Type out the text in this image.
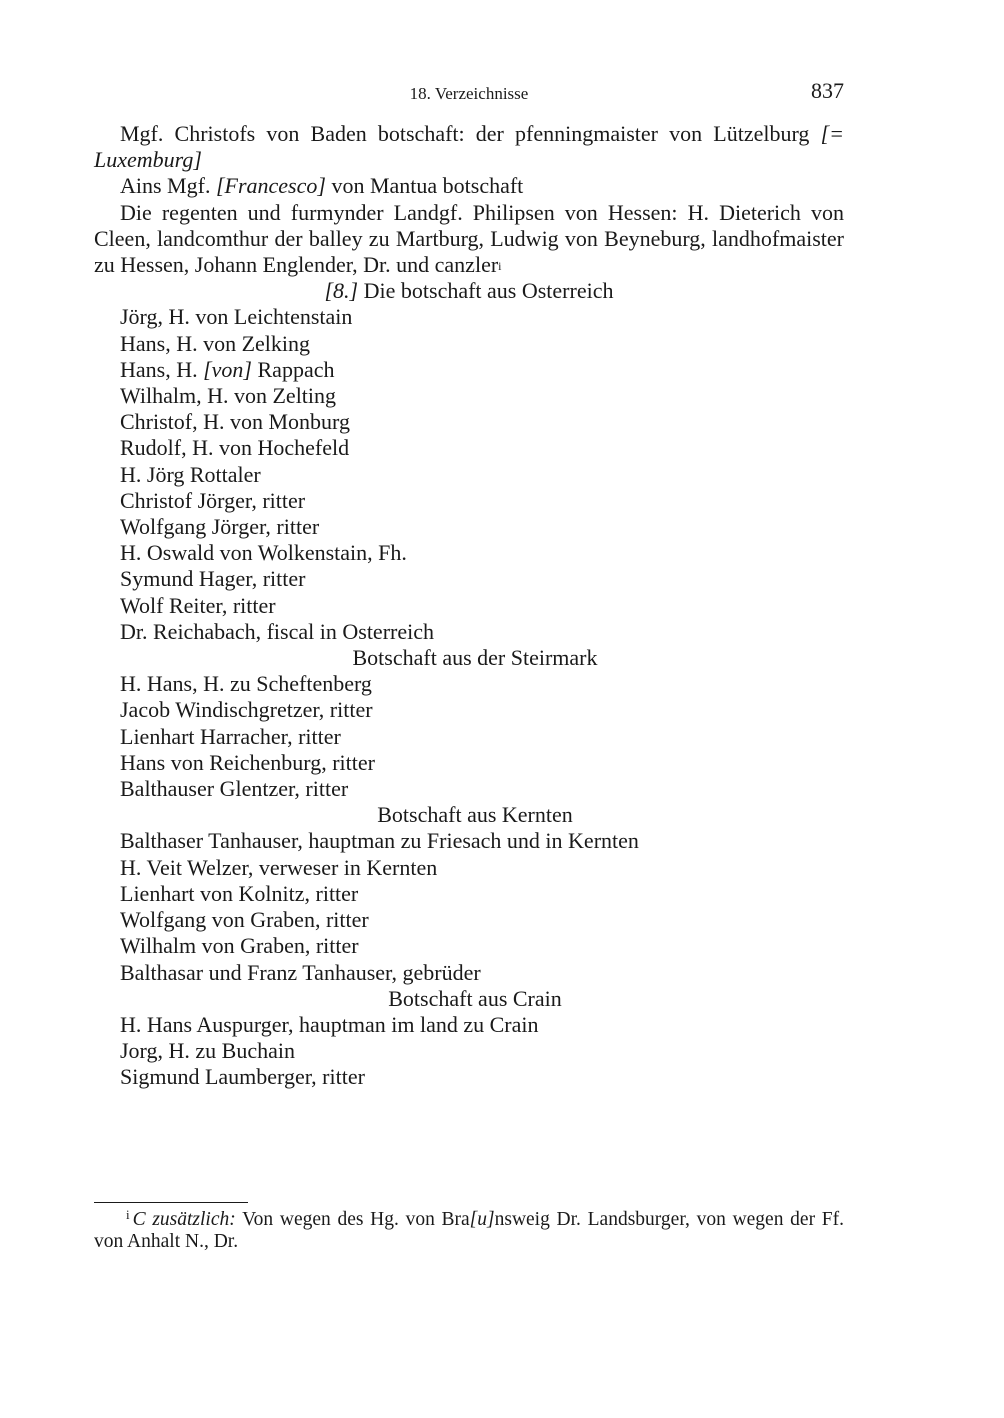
18. Verzeichnisse	837

Mgf. Christofs von Baden botschaft: der pfenningmaister von Lützelburg [= Luxemburg]

Ains Mgf. [Francesco] von Mantua botschaft

Die regenten und furmynder Landgf. Philipsen von Hessen: H. Dieterich von Cleen, landcomthur der balley zu Martburg, Ludwig von Beyneburg, landhofmaister zu Hessen, Johann Englender, Dr. und canzler$^i$

[8.] Die botschaft aus Osterreich

Jörg, H. von Leichtenstain

Hans, H. von Zelking

Hans, H. [von] Rappach

Wilhalm, H. von Zelting

Christof, H. von Monburg

Rudolf, H. von Hochefeld

H. Jörg Rottaler

Christof Jörger, ritter

Wolfgang Jörger, ritter

H. Oswald von Wolkenstain, Fh.

Symund Hager, ritter

Wolf Reiter, ritter

Dr. Reichabach, fiscal in Osterreich

Botschaft aus der Steirmark

H. Hans, H. zu Scheftenberg

Jacob Windischgretzer, ritter

Lienhart Harracher, ritter

Hans von Reichenburg, ritter

Balthauser Glentzer, ritter

Botschaft aus Kernten

Balthaser Tanhauser, hauptman zu Friesach und in Kernten

H. Veit Welzer, verweser in Kernten

Lienhart von Kolnitz, ritter

Wolfgang von Graben, ritter

Wilhalm von Graben, ritter

Balthasar und Franz Tanhauser, gebrüder

Botschaft aus Crain

H. Hans Auspurger, hauptman im land zu Crain

Jorg, H. zu Buchain

Sigmund Laumberger, ritter

$^i$ C zusätzlich: Von wegen des Hg. von Bra[u]nsweig Dr. Landsburger, von wegen der Ff. von Anhalt N., Dr.
